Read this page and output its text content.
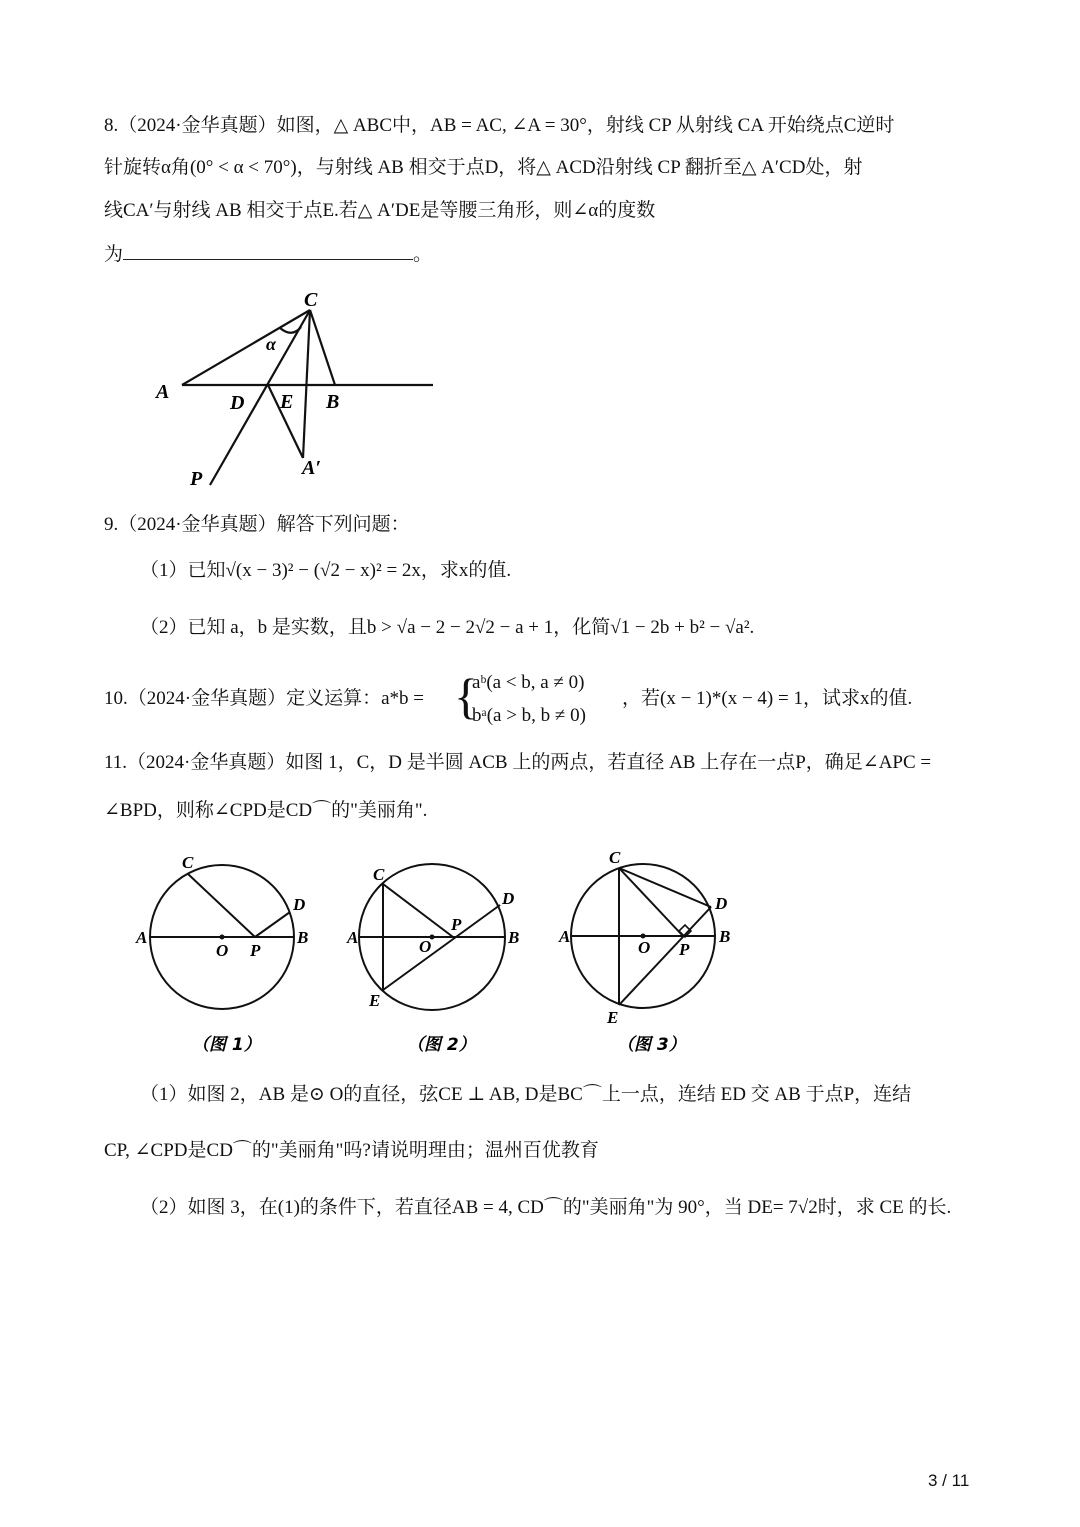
8.（2024·金华真题）如图，△ ABC中，AB = AC, ∠A = 30°，射线 CP 从射线 CA 开始绕点C逆时
针旋转α角(0° < α < 70°)，与射线 AB 相交于点D，将△ ACD沿射线 CP 翻折至△ A′CD处，射
线CA′与射线 AB 相交于点E.若△ A′DE是等腰三角形，则∠α的度数
为	。
C
α
A	D E B
P	A′
9.（2024·金华真题）解答下列问题：
（1）已知√(x − 3)² − (√2 − x)² = 2x，求x的值.
（2）已知 a，b 是实数，且b > √a − 2 − 2√2 − a + 1，化简√1 − 2b + b² − √a².
10.（2024·金华真题）定义运算：a*b = {
aᵇ(a < b, a ≠ 0)
bᵃ(a > b, b ≠ 0)
，若(x − 1)*(x − 4) = 1，试求x的值.
11.（2024·金华真题）如图 1，C，D 是半圆 ACB 上的两点，若直径 AB 上存在一点P，确足∠APC =
∠BPD，则称∠CPD是CD⌒的"美丽角".
C
D
A	B
O P
（图 1）
C
D
A	B
O
P
E
（图 2）
C
D
A	B
O P
E
（图 3）
（1）如图 2，AB 是⊙ O的直径，弦CE ⊥ AB, D是BC⌒上一点，连结 ED 交 AB 于点P，连结
CP, ∠CPD是CD⌒的"美丽角"吗?请说明理由；温州百优教育
（2）如图 3，在(1)的条件下，若直径AB = 4, CD⌒的"美丽角"为 90°，当 DE= 7√2时，求 CE 的长.
3 / 11
